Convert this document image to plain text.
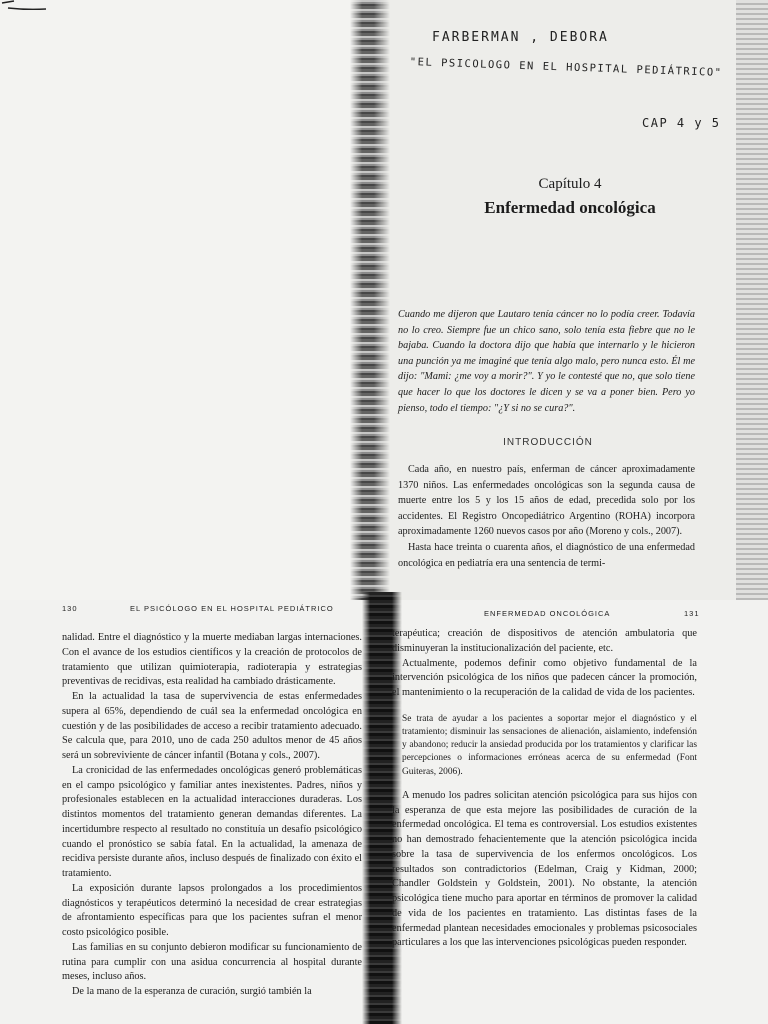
FARBERMAN , DEBORA
"EL PSICOLOGO EN EL HOSPITAL PEDIÁTRICO"
CAP 4 y 5
Capítulo 4
Enfermedad oncológica

Cuando me dijeron que Lautaro tenía cáncer no lo podía creer. Todavía no lo creo. Siempre fue un chico sano, solo tenía esta fiebre que no le bajaba. Cuando la doctora dijo que había que internarlo y le hicieron una punción ya me imaginé que tenía algo malo, pero nunca esto. Él me dijo: "Mami: ¿me voy a morir?". Y yo le contesté que no, que solo tiene que hacer lo que los doctores le dicen y se va a poner bien. Pero yo pienso, todo el tiempo: "¿Y si no se cura?".

INTRODUCCIÓN

Cada año, en nuestro país, enferman de cáncer aproximadamente 1370 niños. Las enfermedades oncológicas son la segunda causa de muerte entre los 5 y los 15 años de edad, precedida solo por los accidentes. El Registro Oncopediátrico Argentino (ROHA) incorpora aproximadamente 1260 nuevos casos por año (Moreno y cols., 2007).

Hasta hace treinta o cuarenta años, el diagnóstico de una enfermedad oncológica en pediatría era una sentencia de termi-

130	EL PSICÓLOGO EN EL HOSPITAL PEDIÁTRICO
ENFERMEDAD ONCOLÓGICA	131

nalidad. Entre el diagnóstico y la muerte mediaban largas internaciones. Con el avance de los estudios científicos y la creación de protocolos de tratamiento que utilizan quimioterapia, radioterapia y estrategias preventivas de recidivas, esta realidad ha cambiado drásticamente.

En la actualidad la tasa de supervivencia de estas enfermedades supera al 65%, dependiendo de cuál sea la enfermedad oncológica en cuestión y de las posibilidades de acceso a recibir tratamiento adecuado. Se calcula que, para 2010, uno de cada 250 adultos menor de 45 años será un sobreviviente de cáncer infantil (Botana y cols., 2007).

La cronicidad de las enfermedades oncológicas generó problemáticas en el campo psicológico y familiar antes inexistentes. Padres, niños y profesionales establecen en la actualidad interacciones duraderas. Los distintos momentos del tratamiento generan demandas diferentes. La incertidumbre respecto al resultado no constituía un desafío psicológico cuando el pronóstico se sabía fatal. En la actualidad, la amenaza de recidiva persiste durante años, incluso después de finalizado con éxito el tratamiento.

La exposición durante lapsos prolongados a los procedimientos diagnósticos y terapéuticos determinó la necesidad de crear estrategias de afrontamiento específicas para que los pacientes sufran el menor costo psicológico posible.

Las familias en su conjunto debieron modificar su funcionamiento de rutina para cumplir con una asidua concurrencia al hospital durante meses, incluso años.

De la mano de la esperanza de curación, surgió también la

terapéutica; creación de dispositivos de atención ambulatoria que disminuyeran la institucionalización del paciente, etc.

Actualmente, podemos definir como objetivo fundamental de la intervención psicológica de los niños que padecen cáncer la promoción, el mantenimiento o la recuperación de la calidad de vida de los pacientes.

Se trata de ayudar a los pacientes a soportar mejor el diagnóstico y el tratamiento; disminuir las sensaciones de alienación, aislamiento, indefensión y abandono; reducir la ansiedad producida por los tratamientos y clarificar las percepciones o informaciones erróneas acerca de su enfermedad (Font Guiteras, 2006).

A menudo los padres solicitan atención psicológica para sus hijos con la esperanza de que esta mejore las posibilidades de curación de la enfermedad oncológica. El tema es controversial. Los estudios existentes no han demostrado fehacientemente que la atención psicológica incida sobre la tasa de supervivencia de los enfermos oncológicos. Los resultados son contradictorios (Edelman, Craig y Kidman, 2000; Chandler Goldstein y Goldstein, 2001). No obstante, la atención psicológica tiene mucho para aportar en términos de promover la calidad de vida de los pacientes en tratamiento. Las distintas fases de la enfermedad plantean necesidades emocionales y problemas psicosociales particulares a los que las intervenciones psicológicas pueden responder.
